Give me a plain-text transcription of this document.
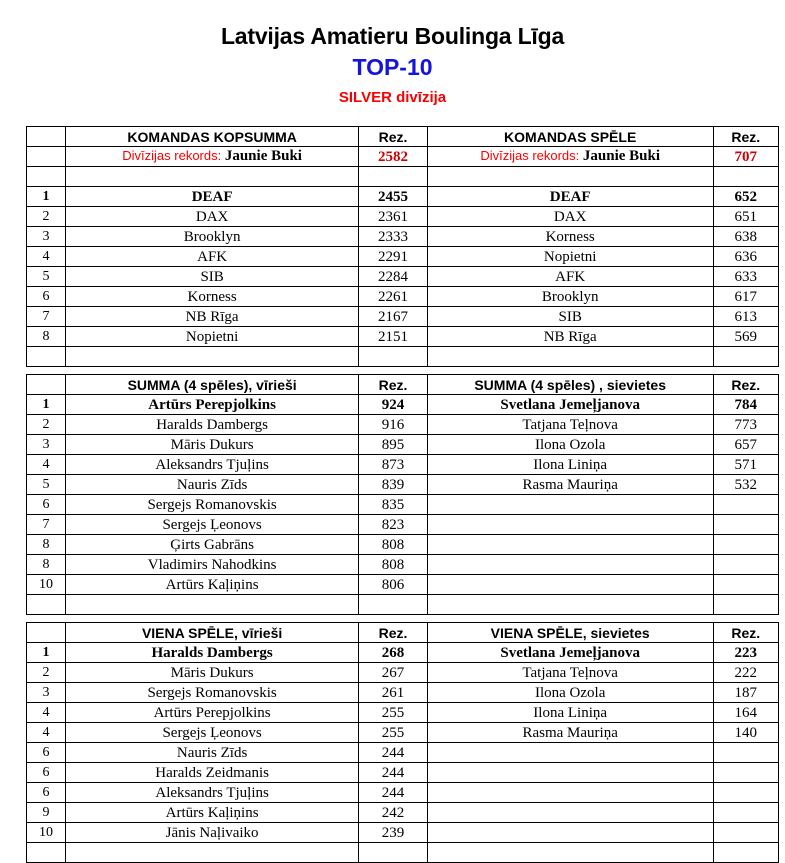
Latvijas Amatieru Boulinga Līga
TOP-10
SILVER divīzija
	KOMANDAS KOPSUMMA	Rez.	KOMANDAS SPĒLE	Rez.
	Divīzijas rekords: Jaunie Buki	2582	Divīzijas rekords: Jaunie Buki	707

1	DEAF	2455	DEAF	652
2	DAX	2361	DAX	651
3	Brooklyn	2333	Korness	638
4	AFK	2291	Nopietni	636
5	SIB	2284	AFK	633
6	Korness	2261	Brooklyn	617
7	NB Rīga	2167	SIB	613
8	Nopietni	2151	NB Rīga	569

	SUMMA (4 spēles), vīrieši	Rez.	SUMMA (4 spēles) , sievietes	Rez.
1	Artūrs Perepjolkins	924	Svetlana Jemeļjanova	784
2	Haralds Dambergs	916	Tatjana Teļnova	773
3	Māris Dukurs	895	Ilona Ozola	657
4	Aleksandrs Tjuļins	873	Ilona Liniņa	571
5	Nauris Zīds	839	Rasma Mauriņa	532
6	Sergejs Romanovskis	835		
7	Sergejs Ļeonovs	823		
8	Ģirts Gabrāns	808		
8	Vladimirs Nahodkins	808		
10	Artūrs Kaļiņins	806		

	VIENA SPĒLE, vīrieši	Rez.	VIENA SPĒLE, sievietes	Rez.
1	Haralds Dambergs	268	Svetlana Jemeļjanova	223
2	Māris Dukurs	267	Tatjana Teļnova	222
3	Sergejs Romanovskis	261	Ilona Ozola	187
4	Artūrs Perepjolkins	255	Ilona Liniņa	164
4	Sergejs Ļeonovs	255	Rasma Mauriņa	140
6	Nauris Zīds	244		
6	Haralds Zeidmanis	244		
6	Aleksandrs Tjuļins	244		
9	Artūrs Kaļiņins	242		
10	Jānis Naļivaiko	239		
